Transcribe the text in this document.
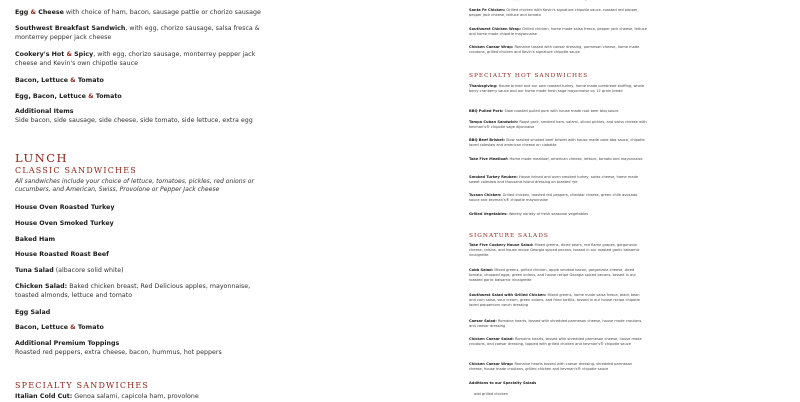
Egg & Cheese with choice of ham, bacon, sausage pattie or chorizo sausage
Southwest Breakfast Sandwich, with egg, chorizo sausage, salsa fresca & monterrey pepper jack cheese
Cookery's Hot & Spicy, with egg, chorizo sausage, monterrey pepper jack cheese and Kevin's own chipotle sauce
Bacon, Lettuce & Tomato
Egg, Bacon, Lettuce & Tomato
Additional Items
Side bacon, side sausage, side cheese, side tomato, side lettuce, extra egg
LUNCH
CLASSIC SANDWICHES
All sandwiches include your choice of lettuce, tomatoes, pickles, red onions or cucumbers, and American, Swiss, Provolone or Pepper Jack cheese
House Oven Roasted Turkey
House Oven Smoked Turkey
Baked Ham
House Roasted Roast Beef
Tuna Salad (albacore solid white)
Chicken Salad: Baked chicken breast, Red Delicious apples, mayonnaise, toasted almonds, lettuce and tomato
Egg Salad
Bacon, Lettuce & Tomato
Additional Premium Toppings
Roasted red peppers, extra cheese, bacon, hummus, hot peppers
SPECIALTY SANDWICHES
Italian Cold Cut: Genoa salami, capicola ham, provolone
Santa Fe Chicken: Grilled chicken with Kevin's signature chipotle sauce, roasted red pepper, pepper jack cheese, lettuce and tomato
Southwest Chicken Wrap: Grilled chicken, home made salsa fresca, pepper jack cheese, lettuce and home made chipotle mayonnaise
Chicken Caesar Wrap: Romaine tossed with caesar dressing, parmesan cheese, home made croutons, grilled chicken and Kevin's signature chipotle sauce
SPECIALTY HOT SANDWICHES
Thanksgiving: House brined and our own roasted turkey, home made combread stuffing, whole berry cranberry sauce and our home made fresh sage mayonnaise on 12 grain bread
BBQ Pulled Pork: Slow roasted pulled pork with house made root beer bbq sauce
Tampa Cuban Sandwich: Roast pork, smoked ham, salami, sliced pickles, and swiss cheese with kevman's® chipotle sage dijonnaise
BBQ Beef Brisket: Slow roasted smoked beef brisket with house made coke bbq sauce, chipotle laced coleslaw and american cheese on ciabatta
Take Five Meatloaf: Home made meatloaf, american cheese, lettuce, tomato and mayonnaise
Smoked Turkey Reuben: House brined and oven smoked turkey, swiss cheese, home made sweet coleslaw and thousand island dressing on toasted rye
Tucson Chicken: Grilled chicken, roasted red peppers, cheddar cheese, green chile avocado sauce and kevman's® chipotle mayonnaise
Grilled Vegetables: Weekly variety of fresh seasonal vegetables
SIGNATURE SALADS
Take Five Cookery House Salad: Mixed greens, diced pears, red flame grapes, gorgonzola cheese, raisins, and house recipe Georgia spiced pecans, tossed in our roasted garlic balsamic vinaigrette
Cobb Salad: Mixed greens, grilled chicken, apple smoked bacon, gorgonzola cheese, diced tomato, chopped eggs, green onions, and house recipe Georgia spiced pecans, tossed in our roasted garlic balsamic vinaigrette
Southwest Salad with Grilled Chicken: Mixed greens, home made salsa fresca, black bean and corn salsa, sour cream, green onions, and fried tortilla, tossed in our house recipe chipotle laced peppercorn ranch dressing
Caesar Salad: Romaine hearts, tossed with shredded parmesan cheese, house made croutons, and caesar dressing
Chicken Caesar Salad: Romaine hearts, tossed with shredded parmesan cheese, house made croutons, and caesar dressing, topped with grilled chicken and kevman's® chipotle sauce
Chicken Caesar Wrap: Romaine hearts tossed with caesar dressing, shredded parmesan cheese, house made croutons, grilled chicken and kevman's® chipotle sauce
Additions to our Specialty Salads
add grilled chicken
